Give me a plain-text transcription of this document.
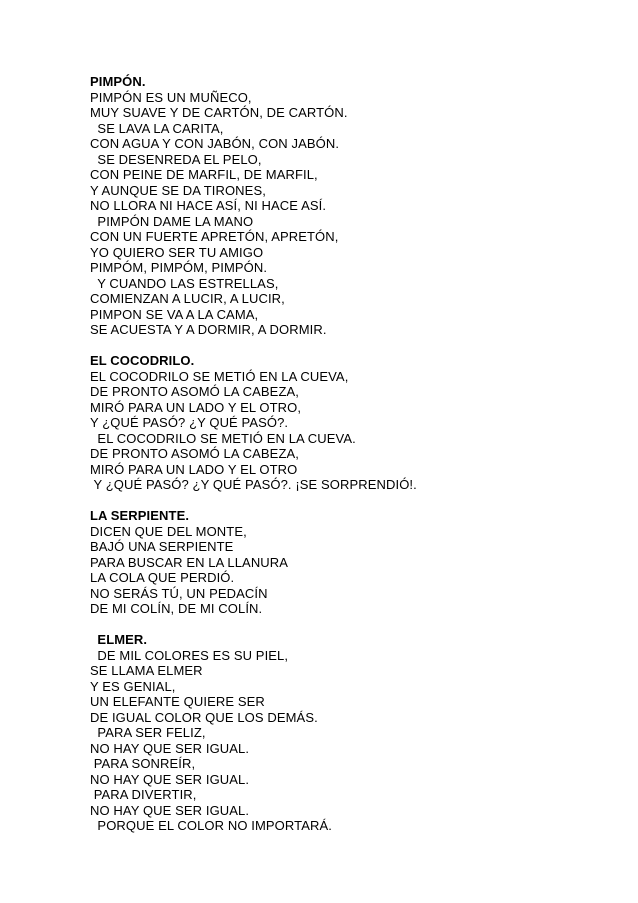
PIMPÓN.
PIMPÓN ES UN MUÑECO,
MUY SUAVE Y DE CARTÓN, DE CARTÓN.
SE LAVA LA CARITA,
CON AGUA Y CON JABÓN, CON JABÓN.
SE DESENREDA EL PELO,
CON PEINE DE MARFIL, DE MARFIL,
Y AUNQUE SE DA TIRONES,
NO LLORA NI HACE ASÍ, NI HACE ASÍ.
PIMPÓN DAME LA MANO
CON UN FUERTE APRETÓN, APRETÓN,
YO QUIERO SER TU AMIGO
PIMPÓM, PIMPÓM, PIMPÓN.
Y CUANDO LAS ESTRELLAS,
COMIENZAN A LUCIR, A LUCIR,
PIMPON SE VA A LA CAMA,
SE ACUESTA Y A DORMIR, A DORMIR.
EL COCODRILO.
EL COCODRILO SE METIÓ EN LA CUEVA,
DE PRONTO ASOMÓ LA CABEZA,
MIRÓ PARA UN LADO Y EL OTRO,
Y ¿QUÉ PASÓ? ¿Y QUÉ PASÓ?.
EL COCODRILO SE METIÓ EN LA CUEVA.
DE PRONTO ASOMÓ LA CABEZA,
MIRÓ PARA UN LADO Y EL OTRO
Y ¿QUÉ PASÓ? ¿Y QUÉ PASÓ?. ¡SE SORPRENDIÓ!.
LA SERPIENTE.
DICEN QUE DEL MONTE,
BAJÓ UNA SERPIENTE
PARA BUSCAR EN LA LLANURA
LA COLA QUE PERDIÓ.
NO SERÁS TÚ, UN PEDACÍN
DE MI COLÍN, DE MI COLÍN.
ELMER.
DE MIL COLORES ES SU PIEL,
SE LLAMA ELMER
Y ES GENIAL,
UN ELEFANTE QUIERE SER
DE IGUAL COLOR QUE LOS DEMÁS.
PARA SER FELIZ,
NO HAY QUE SER IGUAL.
PARA SONREÍR,
NO HAY QUE SER IGUAL.
PARA DIVERTIR,
NO HAY QUE SER IGUAL.
PORQUE EL COLOR NO IMPORTARÁ.
